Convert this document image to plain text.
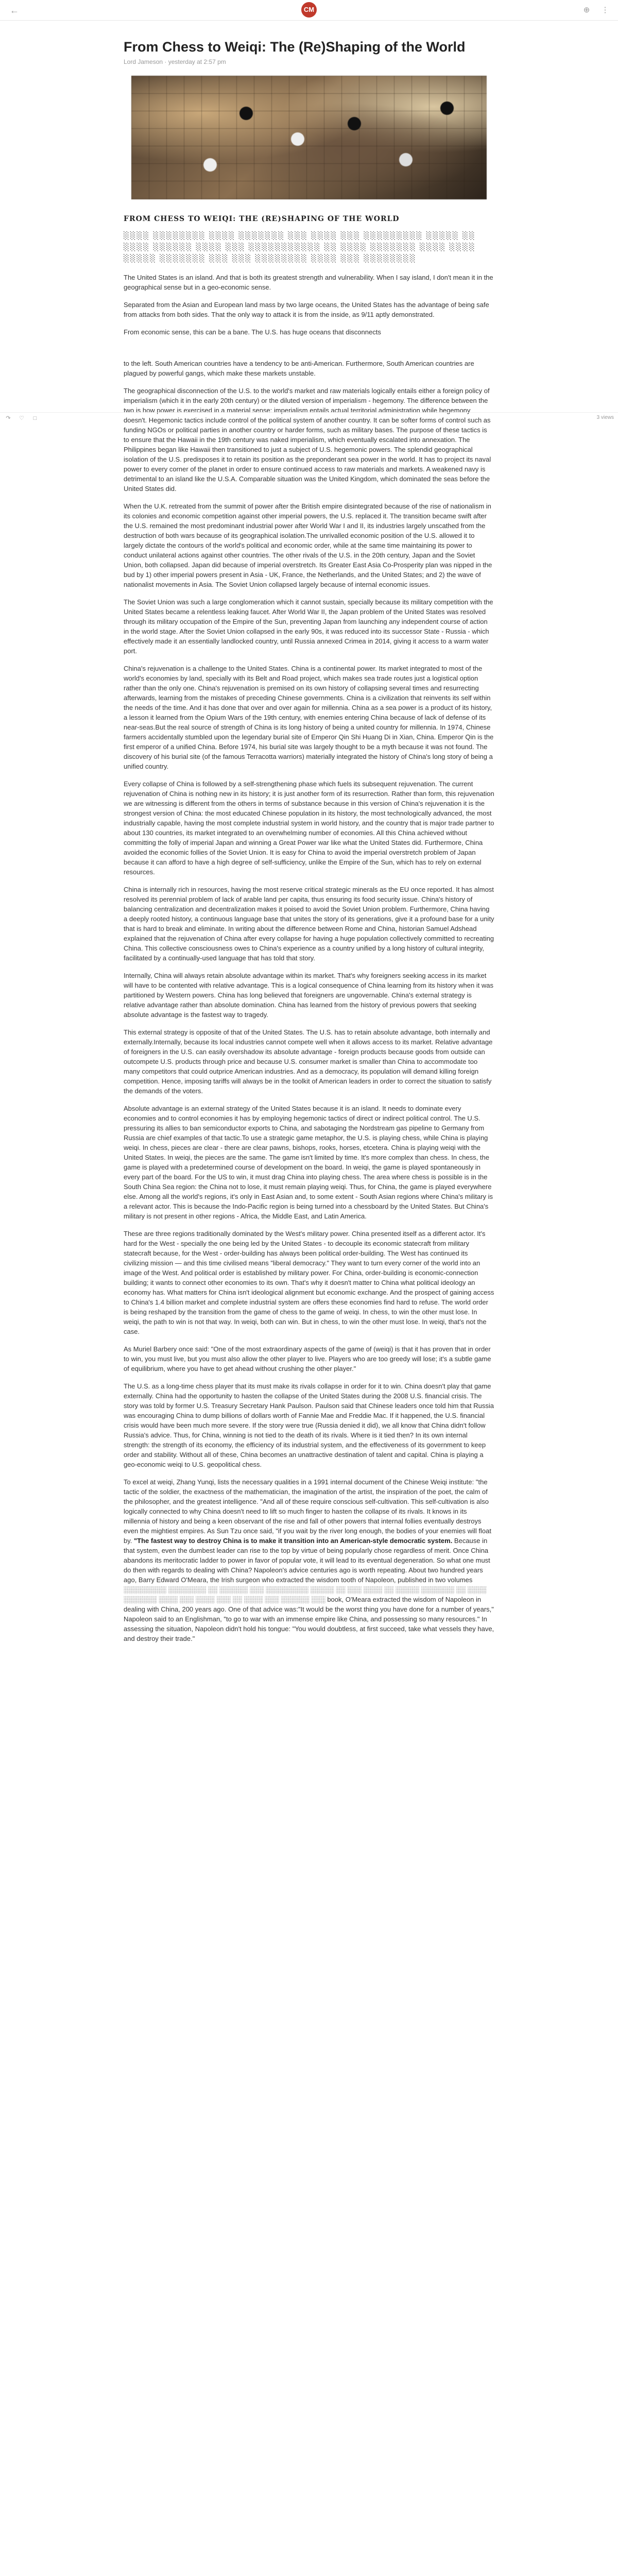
←	CM	⊕	⋮
From Chess to Weiqi: The (Re)Shaping of the World
Lord Jameson · yesterday at 2:57 pm
FROM CHESS TO WEIQI: THE (RE)SHAPING OF THE WORLD
░░░░ ░░░░░░░░ ░░░░ ░░░░░░░ ░░░ ░░░░ ░░░ ░░░░░░░░░ ░░░░░ ░░ ░░░░ ░░░░░░ ░░░░ ░░░ ░░░░░░░░░░░ ░░ ░░░░ ░░░░░░░ ░░░░ ░░░░ ░░░░░ ░░░░░░░ ░░░ ░░░ ░░░░░░░░ ░░░░ ░░░ ░░░░░░░░

The United States is an island. And that is both its greatest strength and vulnerability. When I say island, I don't mean it in the geographical sense but in a geo-economic sense.

Separated from the Asian and European land mass by two large oceans, the United States has the advantage of being safe from attacks from both sides. That the only way to attack it is from the inside, as 9/11 aptly demonstrated.

From economic sense, this can be a bane. The U.S. has huge oceans that disconnects

to the left. South American countries have a tendency to be anti-American. Furthermore, South American countries are plagued by powerful gangs, which make these markets unstable.

The geographical disconnection of the U.S. to the world's market and raw materials logically entails either a foreign policy of imperialism (which it in the early 20th century) or the diluted version of imperialism - hegemony. The difference between the two is how power is exercised in a material sense: imperialism entails actual territorial administration while hegemony doesn't. Hegemonic tactics include control of the political system of another country. It can be softer forms of control such as funding NGOs or political parties in another country or harder forms, such as military bases. The purpose of these tactics is to ensure that the Hawaii in the 19th century was naked imperialism, which eventually escalated into annexation. The Philippines began like Hawaii then transitioned to just a subject of U.S. hegemonic powers. The splendid geographical isolation of the U.S. predisposes it to retain its position as the preponderant sea power in the world. It has to project its naval power to every corner of the planet in order to ensure continued access to raw materials and markets. A weakened navy is detrimental to an island like the U.S.A. Comparable situation was the United Kingdom, which dominated the seas before the United States did.

When the U.K. retreated from the summit of power after the British empire disintegrated because of the rise of nationalism in its colonies and economic competition against other imperial powers, the U.S. replaced it. The transition became swift after the U.S. remained the most predominant industrial power after World War I and II, its industries largely unscathed from the destruction of both wars because of its geographical isolation.The unrivalled economic position of the U.S. allowed it to largely dictate the contours of the world's political and economic order, while at the same time maintaining its power to conduct unilateral actions against other countries. The other rivals of the U.S. in the 20th century, Japan and the Soviet Union, both collapsed. Japan did because of imperial overstretch. Its Greater East Asia Co-Prosperity plan was nipped in the bud by 1) other imperial powers present in Asia - UK, France, the Netherlands, and the United States; and 2) the wave of nationalist movements in Asia. The Soviet Union collapsed largely because of internal economic issues.

The Soviet Union was such a large conglomeration which it cannot sustain, specially because its military competition with the United States became a relentless leaking faucet. After World War II, the Japan problem of the United States was resolved through its military occupation of the Empire of the Sun, preventing Japan from launching any independent course of action in the world stage. After the Soviet Union collapsed in the early 90s, it was reduced into its successor State - Russia - which effectively made it an essentially landlocked country, until Russia annexed Crimea in 2014, giving it access to a warm water port.

China's rejuvenation is a challenge to the United States. China is a continental power. Its market integrated to most of the world's economies by land, specially with its Belt and Road project, which makes sea trade routes just a logistical option rather than the only one. China's rejuvenation is premised on its own history of collapsing several times and resurrecting afterwards, learning from the mistakes of preceding Chinese governments. China is a civilization that reinvents its self within the needs of the time. And it has done that over and over again for millennia. China as a sea power is a product of its history, a lesson it learned from the Opium Wars of the 19th century, with enemies entering China because of lack of defense of its near-seas.But the real source of strength of China is its long history of being a united country for millennia. In 1974, Chinese farmers accidentally stumbled upon the legendary burial site of Emperor Qin Shi Huang Di in Xian, China. Emperor Qin is the first emperor of a unified China. Before 1974, his burial site was largely thought to be a myth because it was not found. The discovery of his burial site (of the famous Terracotta warriors) materially integrated the history of China's long story of being a unified country.

Every collapse of China is followed by a self-strengthening phase which fuels its subsequent rejuvenation. The current rejuvenation of China is nothing new in its history; it is just another form of its resurrection. Rather than form, this rejuvenation we are witnessing is different from the others in terms of substance because in this version of China's rejuvenation it is the strongest version of China: the most educated Chinese population in its history, the most technologically advanced, the most industrially capable, having the most complete industrial system in world history, and the country that is major trade partner to about 130 countries, its market integrated to an overwhelming number of economies. All this China achieved without committing the folly of imperial Japan and winning a Great Power war like what the United States did. Furthermore, China avoided the economic follies of the Soviet Union. It is easy for China to avoid the imperial overstretch problem of Japan because it can afford to have a high degree of self-sufficiency, unlike the Empire of the Sun, which has to rely on external resources.

China is internally rich in resources, having the most reserve critical strategic minerals as the EU once reported. It has almost resolved its perennial problem of lack of arable land per capita, thus ensuring its food security issue. China's history of balancing centralization and decentralization makes it poised to avoid the Soviet Union problem. Furthermore, China having a deeply rooted history, a continuous language base that unites the story of its generations, give it a profound base for a unity that is hard to break and eliminate. In writing about the difference between Rome and China, historian Samuel Adshead explained that the rejuvenation of China after every collapse for having a huge population collectively committed to recreating China. This collective consciousness owes to China's experience as a country unified by a long history of cultural integrity, facilitated by a continually-used language that has told that story.

Internally, China will always retain absolute advantage within its market. That's why foreigners seeking access in its market will have to be contented with relative advantage. This is a logical consequence of China learning from its history when it was partitioned by Western powers. China has long believed that foreigners are ungovernable. China's external strategy is relative advantage rather than absolute domination. China has learned from the history of previous powers that seeking absolute advantage is the fastest way to tragedy.

This external strategy is opposite of that of the United States. The U.S. has to retain absolute advantage, both internally and externally.Internally, because its local industries cannot compete well when it allows access to its market. Relative advantage of foreigners in the U.S. can easily overshadow its absolute advantage - foreign products because goods from outside can outcompete U.S. products through price and because U.S. consumer market is smaller than China to accommodate too many competitors that could outprice American industries. And as a democracy, its population will demand killing foreign competition. Hence, imposing tariffs will always be in the toolkit of American leaders in order to correct the situation to satisfy the demands of the voters.

Absolute advantage is an external strategy of the United States because it is an island. It needs to dominate every economies and to control economies it has by employing hegemonic tactics of direct or indirect political control. The U.S. pressuring its allies to ban semiconductor exports to China, and sabotaging the Nordstream gas pipeline to Germany from Russia are chief examples of that tactic.To use a strategic game metaphor, the U.S. is playing chess, while China is playing weiqi. In chess, pieces are clear - there are clear pawns, bishops, rooks, horses, etcetera. China is playing weiqi with the United States. In weiqi, the pieces are the same. The game isn't limited by time. It's more complex than chess. In chess, the game is played with a predetermined course of development on the board. In weiqi, the game is played spontaneously in every part of the board. For the US to win, it must drag China into playing chess. The area where chess is possible is in the South China Sea region: the China not to lose, it must remain playing weiqi. Thus, for China, the game is played everywhere else. Among all the world's regions, it's only in East Asian and, to some extent - South Asian regions where China's military is a relevant actor. This is because the Indo-Pacific region is being turned into a chessboard by the United States. But China's military is not present in other regions - Africa, the Middle East, and Latin America.

These are three regions traditionally dominated by the West's military power. China presented itself as a different actor. It's hard for the West - specially the one being led by the United States - to decouple its economic statecraft from military statecraft because, for the West - order-building has always been political order-building. The West has continued its civilizing mission — and this time civilised means "liberal democracy." They want to turn every corner of the world into an image of the West. And political order is established by military power. For China, order-building is economic-connection building; it wants to connect other economies to its own. That's why it doesn't matter to China what political ideology an economy has. What matters for China isn't ideological alignment but economic exchange. And the prospect of gaining access to China's 1.4 billion market and complete industrial system are offers these economies find hard to refuse. The world order is being reshaped by the transition from the game of chess to the game of weiqi. In chess, to win the other must lose. In weiqi, the path to win is not that way. In weiqi, both can win. But in chess, to win the other must lose. In weiqi, that's not the case.

As Muriel Barbery once said: "One of the most extraordinary aspects of the game of (weiqi) is that it has proven that in order to win, you must live, but you must also allow the other player to live. Players who are too greedy will lose; it's a subtle game of equilibrium, where you have to get ahead without crushing the other player."

The U.S. as a long-time chess player that its must make its rivals collapse in order for it to win. China doesn't play that game externally. China had the opportunity to hasten the collapse of the United States during the 2008 U.S. financial crisis. The story was told by former U.S. Treasury Secretary Hank Paulson. Paulson said that Chinese leaders once told him that Russia was encouraging China to dump billions of dollars worth of Fannie Mae and Freddie Mac. If it happened, the U.S. financial crisis would have been much more severe. If the story were true (Russia denied it did), we all know that China didn't follow Russia's advice. Thus, for China, winning is not tied to the death of its rivals. Where is it tied then? In its own internal strength: the strength of its economy, the efficiency of its industrial system, and the effectiveness of its government to keep order and stability. Without all of these, China becomes an unattractive destination of talent and capital. China is playing a geo-economic weiqi to U.S. geopolitical chess.

To excel at weiqi, Zhang Yunqi, lists the necessary qualities in a 1991 internal document of the Chinese Weiqi institute: "the tactic of the soldier, the exactness of the mathematician, the imagination of the artist, the inspiration of the poet, the calm of the philosopher, and the greatest intelligence. "And all of these require conscious self-cultivation. This self-cultivation is also logically connected to why China doesn't need to lift so much finger to hasten the collapse of its rivals. It knows in its millennia of history and being a keen observant of the rise and fall of other powers that internal follies eventually destroys even the mightiest empires. As Sun Tzu once said, "if you wait by the river long enough, the bodies of your enemies will float by. "The fastest way to destroy China is to make it transition into an American-style democratic system. Because in that system, even the dumbest leader can rise to the top by virtue of being popularly chose regardless of merit. Once China abandons its meritocratic ladder to power in favor of popular vote, it will lead to its eventual degeneration. So what one must do then with regards to dealing with China? Napoleon's advice centuries ago is worth repeating. About two hundred years ago, Barry Edward O'Meara, the Irish surgeon who extracted the wisdom tooth of Napoleon, published in two volumes ░░░░░░░░░ ░░░░░░░░ ░░ ░░░░░░ ░░░ ░░░░░░░░░ ░░░░░ ░░ ░░░ ░░░░ ░░ ░░░░░ ░░░░░░░ ░░ ░░░░ ░░░░░░░ ░░░░ ░░░ ░░░░ ░░░ ░░ ░░░░ ░░░ ░░░░░░ ░░░ book, O'Meara extracted the wisdom of Napoleon in dealing with China, 200 years ago. One of that advice was:"It would be the worst thing you have done for a number of years," Napoleon said to an Englishman, "to go to war with an immense empire like China, and possessing so many resources." In assessing the situation, Napoleon didn't hold his tongue: "You would doubtless, at first succeed, take what vessels they have, and destroy their trade."

↷	♡	□	3 views
